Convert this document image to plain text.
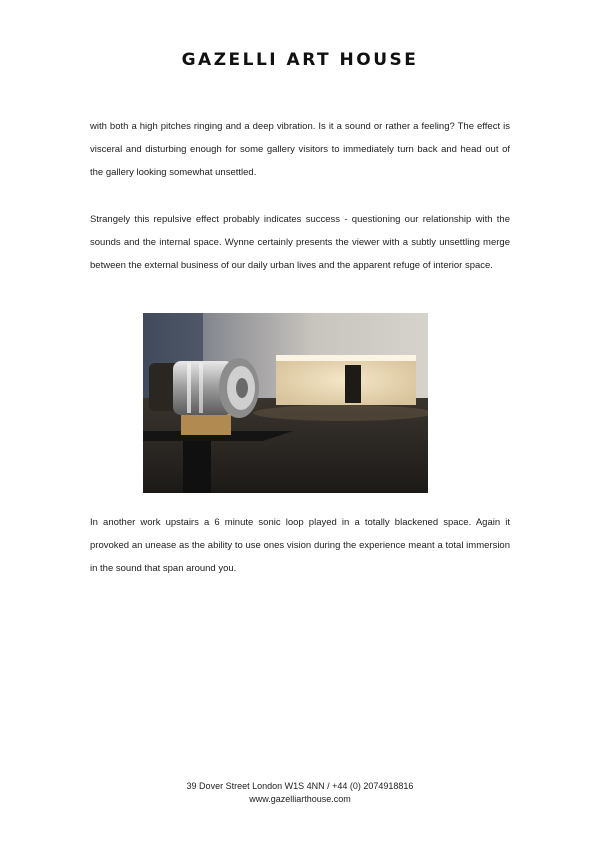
GAZELLI ART HOUSE

with both a high pitches ringing and a deep vibration. Is it a sound or rather a feeling? The effect is visceral and disturbing enough for some gallery visitors to immediately turn back and head out of the gallery looking somewhat unsettled.

Strangely this repulsive effect probably indicates success - questioning our relationship with the sounds and the internal space. Wynne certainly presents the viewer with a subtly unsettling merge between the external business of our daily urban lives and the apparent refuge of interior space.

In another work upstairs a 6 minute sonic loop played in a totally blackened space. Again it provoked an unease as the ability to use ones vision during the experience meant a total immersion in the sound that span around you.

39 Dover Street London W1S 4NN / +44 (0) 2074918816
www.gazelliarthouse.com
